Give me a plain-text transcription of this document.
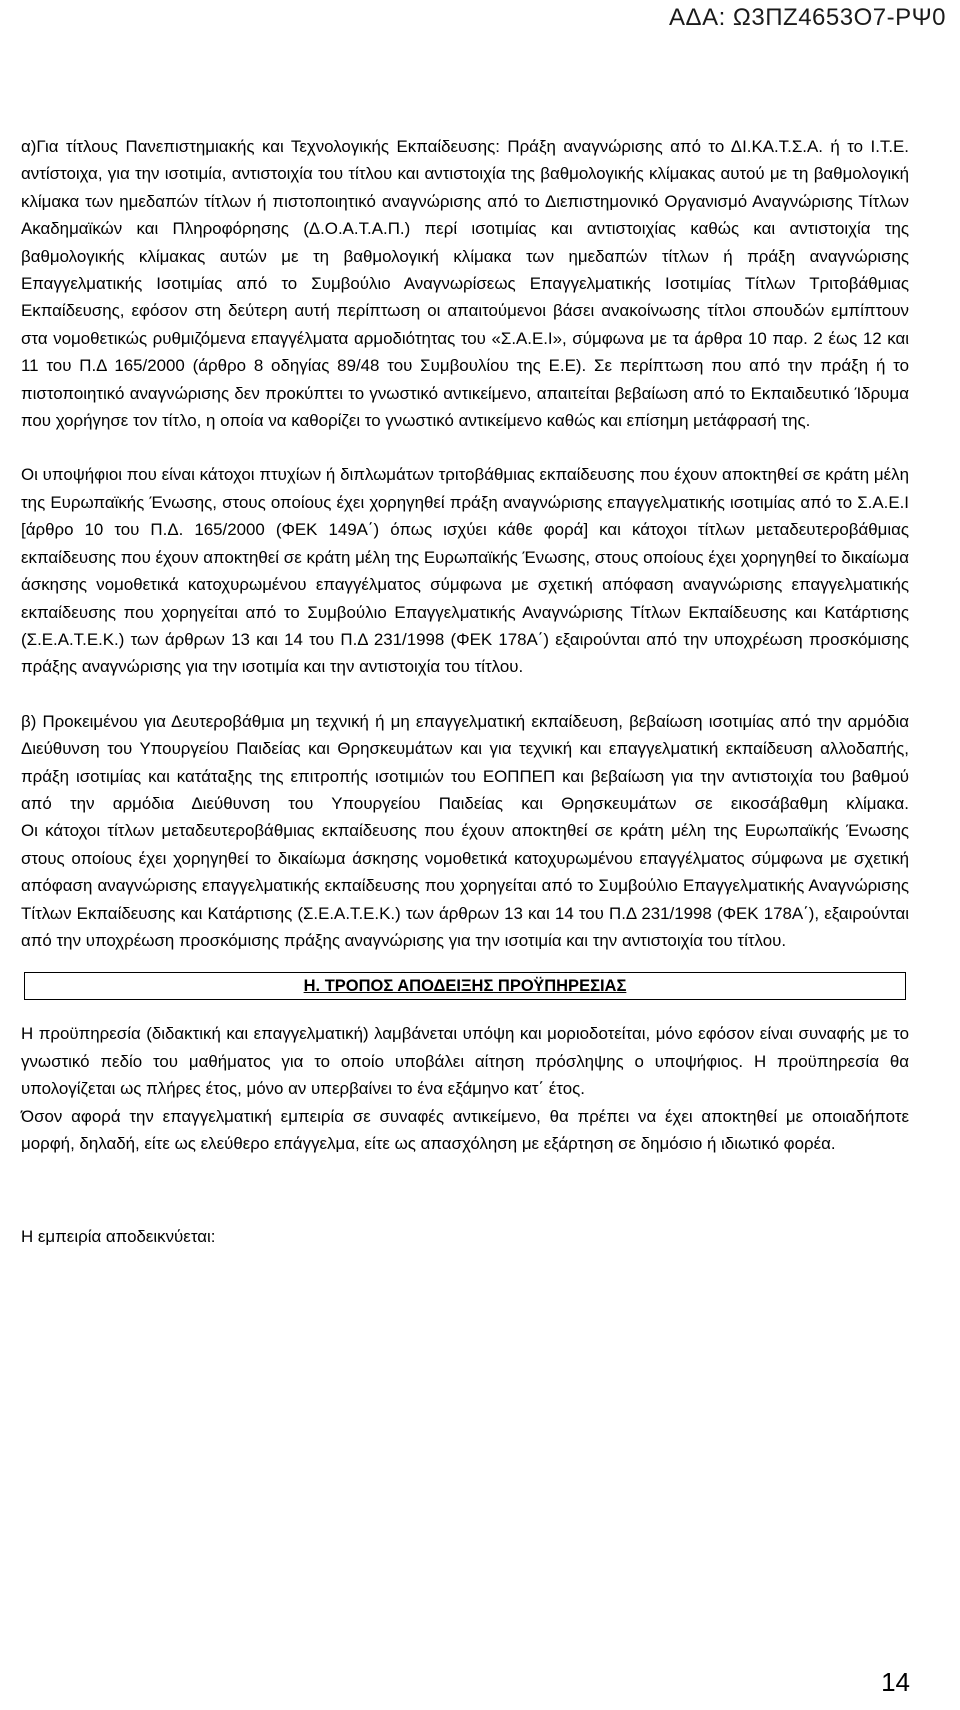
ΑΔΑ: Ω3ΠΖ4653Ο7-ΡΨ0

α)Για τίτλους Πανεπιστημιακής και Τεχνολογικής Εκπαίδευσης: Πράξη αναγνώρισης από το ΔΙ.ΚΑ.Τ.Σ.Α. ή το Ι.Τ.Ε. αντίστοιχα, για την ισοτιμία, αντιστοιχία του τίτλου και αντιστοιχία της βαθμολογικής κλίμακας αυτού με τη βαθμολογική κλίμακα των ημεδαπών τίτλων ή πιστοποιητικό αναγνώρισης από το Διεπιστημονικό Οργανισμό Αναγνώρισης Τίτλων Ακαδημαϊκών και Πληροφόρησης (Δ.Ο.Α.Τ.Α.Π.) περί ισοτιμίας και αντιστοιχίας καθώς και αντιστοιχία της βαθμολογικής κλίμακας αυτών με τη βαθμολογική κλίμακα των ημεδαπών τίτλων ή πράξη αναγνώρισης Επαγγελματικής Ισοτιμίας από το Συμβούλιο Αναγνωρίσεως Επαγγελματικής Ισοτιμίας Τίτλων Τριτοβάθμιας Εκπαίδευσης, εφόσον στη δεύτερη αυτή περίπτωση οι απαιτούμενοι βάσει ανακοίνωσης τίτλοι σπουδών εμπίπτουν στα νομοθετικώς ρυθμιζόμενα επαγγέλματα αρμοδιότητας του «Σ.Α.Ε.Ι», σύμφωνα με τα άρθρα 10 παρ. 2 έως 12 και 11 του Π.Δ 165/2000 (άρθρο 8 οδηγίας 89/48 του Συμβουλίου της Ε.Ε). Σε περίπτωση που από την πράξη ή το πιστοποιητικό αναγνώρισης δεν προκύπτει το γνωστικό αντικείμενο, απαιτείται βεβαίωση από το Εκπαιδευτικό Ίδρυμα που χορήγησε τον τίτλο, η οποία να καθορίζει το γνωστικό αντικείμενο καθώς και επίσημη μετάφρασή της.

Οι υποψήφιοι που είναι κάτοχοι πτυχίων ή διπλωμάτων τριτοβάθμιας εκπαίδευσης που έχουν αποκτηθεί σε κράτη μέλη της Ευρωπαϊκής Ένωσης, στους οποίους έχει χορηγηθεί πράξη αναγνώρισης επαγγελματικής ισοτιμίας από το Σ.Α.Ε.Ι [άρθρο 10 του Π.Δ. 165/2000 (ΦΕΚ 149Α΄) όπως ισχύει κάθε φορά] και κάτοχοι τίτλων μεταδευτεροβάθμιας εκπαίδευσης που έχουν αποκτηθεί σε κράτη μέλη της Ευρωπαϊκής Ένωσης, στους οποίους έχει χορηγηθεί το δικαίωμα άσκησης νομοθετικά κατοχυρωμένου επαγγέλματος σύμφωνα με σχετική απόφαση αναγνώρισης επαγγελματικής εκπαίδευσης που χορηγείται από το Συμβούλιο Επαγγελματικής Αναγνώρισης Τίτλων Εκπαίδευσης και Κατάρτισης (Σ.Ε.Α.Τ.Ε.Κ.) των άρθρων 13 και 14 του Π.Δ 231/1998 (ΦΕΚ 178Α΄) εξαιρούνται από την υποχρέωση προσκόμισης πράξης αναγνώρισης για την ισοτιμία και την αντιστοιχία του τίτλου.

β) Προκειμένου για Δευτεροβάθμια μη τεχνική ή μη επαγγελματική εκπαίδευση, βεβαίωση ισοτιμίας από την αρμόδια Διεύθυνση του Υπουργείου Παιδείας και Θρησκευμάτων και για τεχνική και επαγγελματική εκπαίδευση αλλοδαπής, πράξη ισοτιμίας και κατάταξης της επιτροπής ισοτιμιών του ΕΟΠΠΕΠ και βεβαίωση για την αντιστοιχία του βαθμού από την αρμόδια Διεύθυνση του Υπουργείου Παιδείας και Θρησκευμάτων σε εικοσάβαθμη κλίμακα.

Οι κάτοχοι τίτλων μεταδευτεροβάθμιας εκπαίδευσης που έχουν αποκτηθεί σε κράτη μέλη της Ευρωπαϊκής Ένωσης στους οποίους έχει χορηγηθεί το δικαίωμα άσκησης νομοθετικά κατοχυρωμένου επαγγέλματος σύμφωνα με σχετική απόφαση αναγνώρισης επαγγελματικής εκπαίδευσης που χορηγείται από το Συμβούλιο Επαγγελματικής Αναγνώρισης Τίτλων Εκπαίδευσης και Κατάρτισης (Σ.Ε.Α.Τ.Ε.Κ.) των άρθρων 13 και 14 του Π.Δ 231/1998 (ΦΕΚ 178Α΄), εξαιρούνται από την υποχρέωση προσκόμισης πράξης αναγνώρισης για την ισοτιμία και την αντιστοιχία του τίτλου.

Η. ΤΡΟΠΟΣ ΑΠΟΔΕΙΞΗΣ ΠΡΟΫΠΗΡΕΣΙΑΣ

Η προϋπηρεσία (διδακτική και επαγγελματική) λαμβάνεται υπόψη και μοριοδοτείται, μόνο εφόσον είναι συναφής με το γνωστικό πεδίο του μαθήματος για το οποίο υποβάλει αίτηση πρόσληψης ο υποψήφιος. Η προϋπηρεσία θα υπολογίζεται ως πλήρες έτος, μόνο αν υπερβαίνει το ένα εξάμηνο κατ΄ έτος.

Όσον αφορά την επαγγελματική εμπειρία σε συναφές αντικείμενο, θα πρέπει να έχει αποκτηθεί με οποιαδήποτε μορφή, δηλαδή, είτε ως ελεύθερο επάγγελμα, είτε ως απασχόληση με εξάρτηση σε δημόσιο ή ιδιωτικό φορέα.

Η εμπειρία αποδεικνύεται:

14
